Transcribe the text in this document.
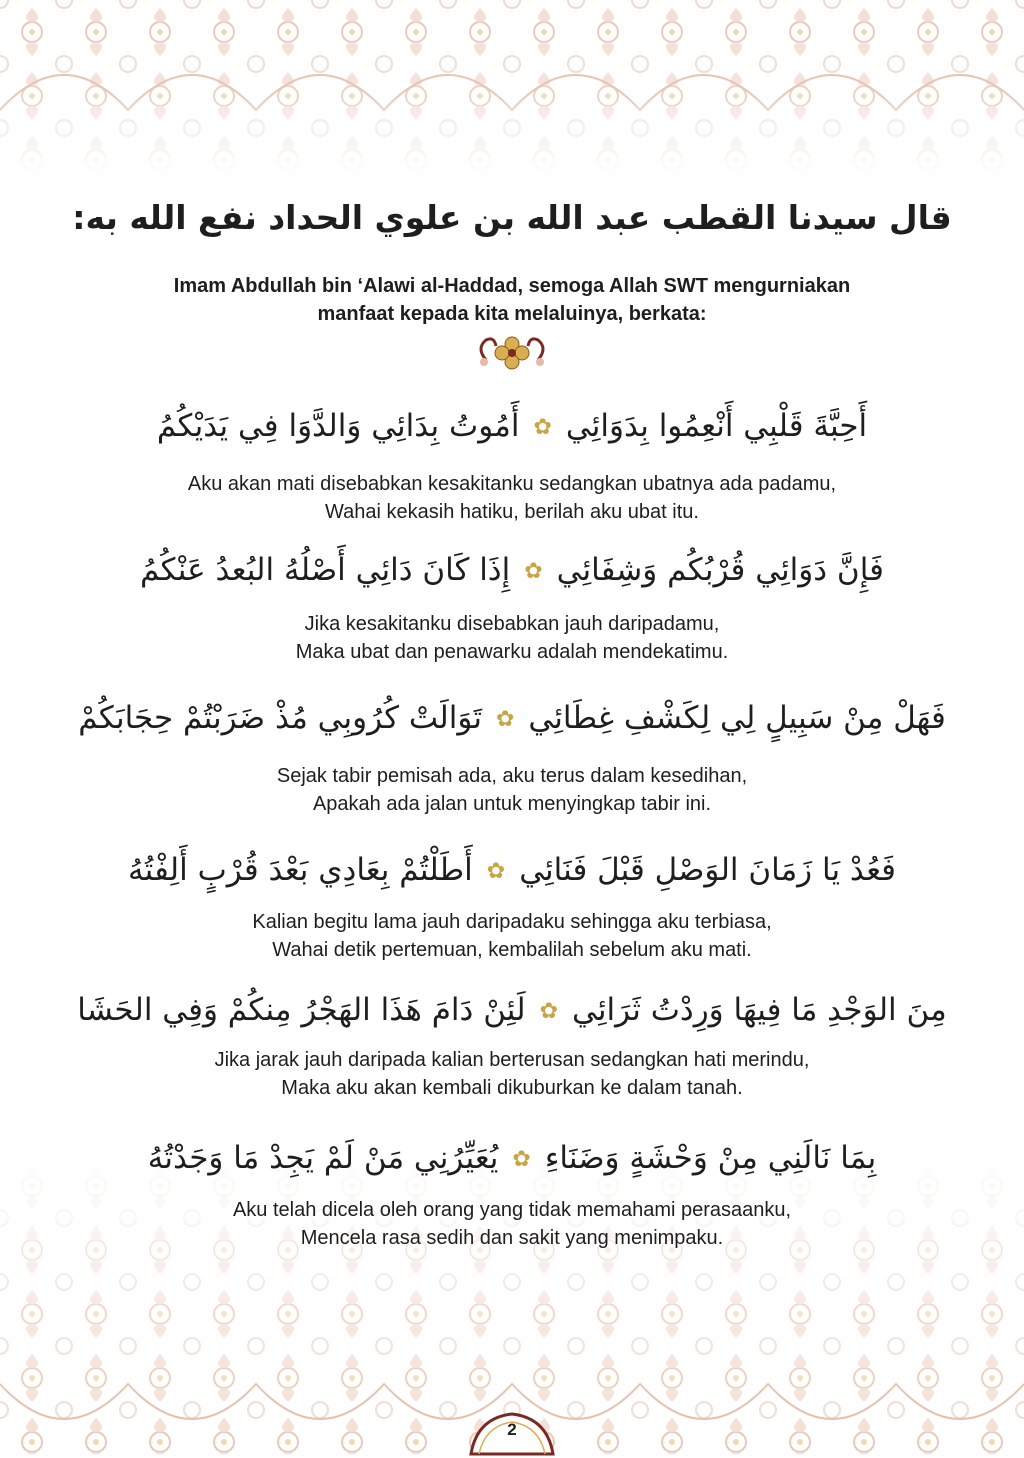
قال سيدنا القطب عبد الله بن علوي الحداد نفع الله به:
Imam Abdullah bin ‘Alawi al-Haddad, semoga Allah SWT mengurniakan
manfaat kepada kita melaluinya, berkata:
أَحِبَّةَ قَلْبِي أَنْعِمُوا بِدَوَائِي✿أَمُوتُ بِدَائِي وَالدَّوَا فِي يَدَيْكُمُ
Aku akan mati disebabkan kesakitanku sedangkan ubatnya ada padamu,
Wahai kekasih hatiku, berilah aku ubat itu.
فَإِنَّ دَوَائِي قُرْبُكُم وَشِفَائِي✿إِذَا كَانَ دَائِي أَصْلُهُ البُعدُ عَنْكُمُ
Jika kesakitanku disebabkan jauh daripadamu,
Maka ubat dan penawarku adalah mendekatimu.
فَهَلْ مِنْ سَبِيلٍ لِي لِكَشْفِ غِطَائِي✿تَوَالَتْ كُرُوبِي مُذْ ضَرَبْتُمْ حِجَابَكُمْ
Sejak tabir pemisah ada, aku terus dalam kesedihan,
Apakah ada jalan untuk menyingkap tabir ini.
فَعُدْ يَا زَمَانَ الوَصْلِ قَبْلَ فَنَائِي✿أَطَلْتُمْ بِعَادِي بَعْدَ قُرْبٍ أَلِفْتُهُ
Kalian begitu lama jauh daripadaku sehingga aku terbiasa,
Wahai detik pertemuan, kembalilah sebelum aku mati.
مِنَ الوَجْدِ مَا فِيهَا وَرِدْتُ ثَرَائِي✿لَئِنْ دَامَ هَذَا الهَجْرُ مِنكُمْ وَفِي الحَشَا
Jika jarak jauh daripada kalian berterusan sedangkan hati merindu,
Maka aku akan kembali dikuburkan ke dalam tanah.
بِمَا نَالَنِي مِنْ وَحْشَةٍ وَضَنَاءِ✿يُعَيِّرُنِي مَنْ لَمْ يَجِدْ مَا وَجَدْتُهُ
Aku telah dicela oleh orang yang tidak memahami perasaanku,
Mencela rasa sedih dan sakit yang menimpaku.
2
